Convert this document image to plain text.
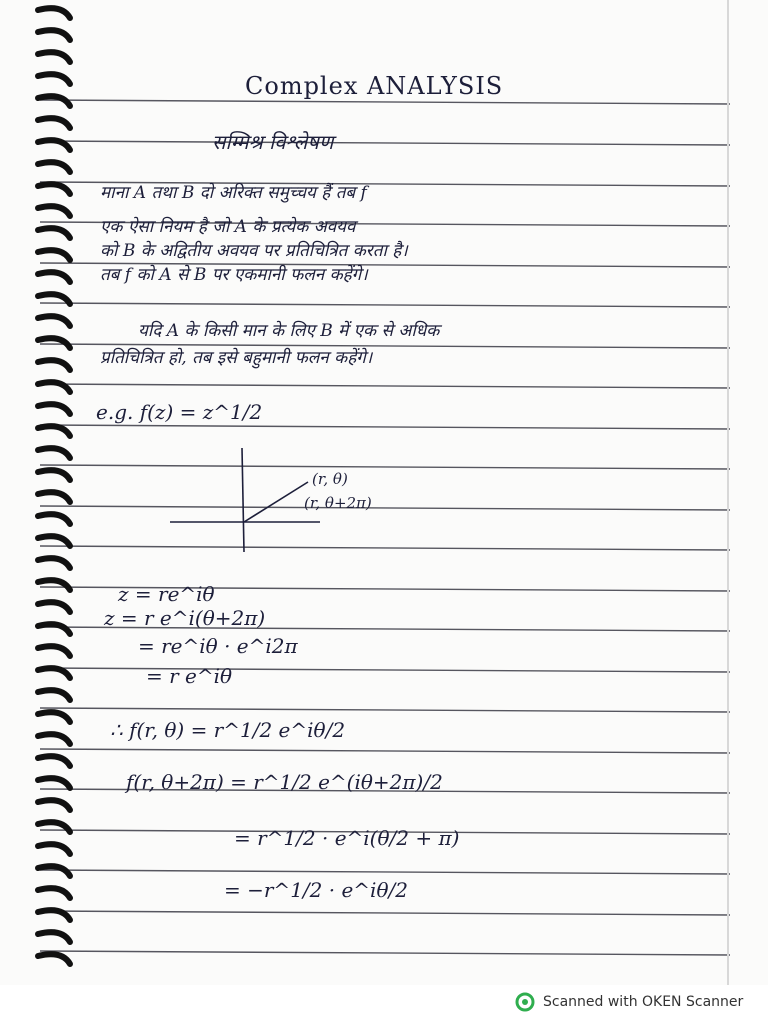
Complex ANALYSIS
सम्मिश्र विश्लेषण
माना A तथा B दो अरिक्त समुच्चय हैं तब f
एक ऐसा नियम है जो A के प्रत्येक अवयव
को B के अद्वितीय अवयव पर प्रतिचित्रित करता है।
तब f को A से B पर एकमानी फलन कहेंगे।
यदि A के किसी मान के लिए B में एक से अधिक
प्रतिचित्रित हो, तब इसे बहुमानी फलन कहेंगे।
e.g. f(z) = z^1/2
(r, θ)
(r, θ+2π)
z = re^iθ
z = r e^i(θ+2π)
= re^iθ · e^i2π
= r e^iθ
∴ f(r, θ) = r^1/2 e^iθ/2
f(r, θ+2π) = r^1/2 e^(iθ+2π)/2
= r^1/2 · e^i(θ/2 + π)
= −r^1/2 · e^iθ/2
Scanned with OKEN Scanner
